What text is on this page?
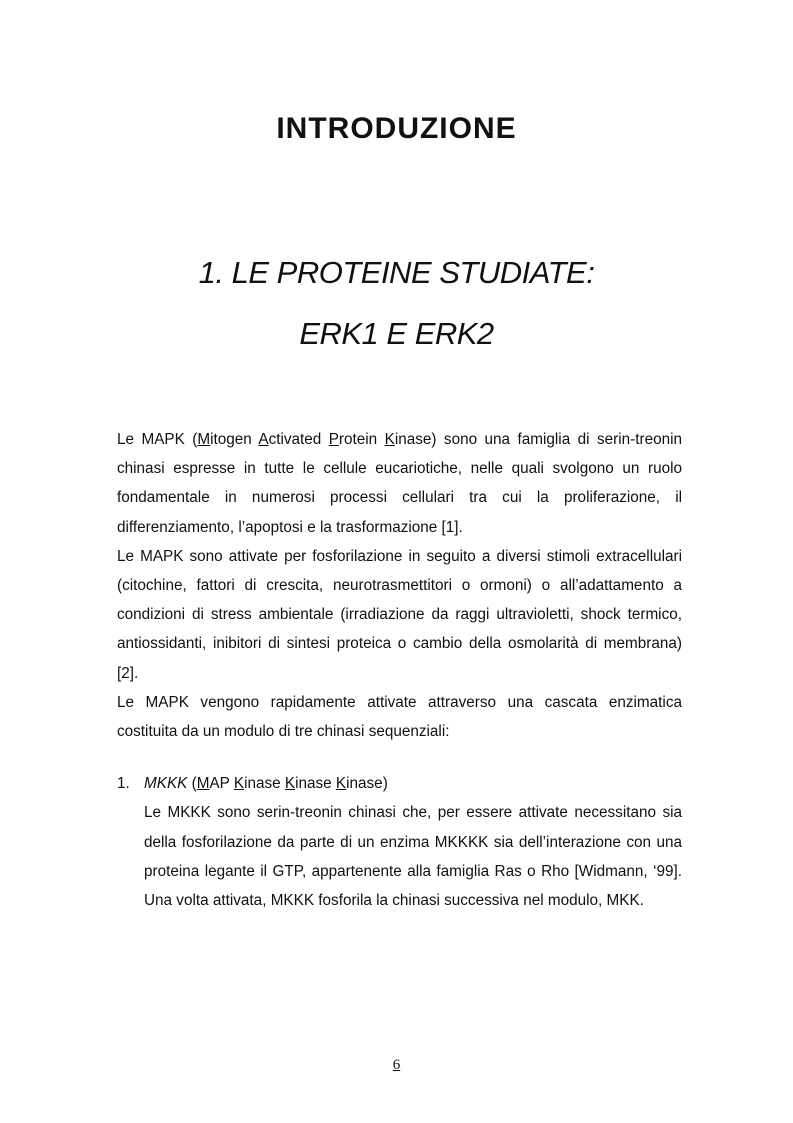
INTRODUZIONE
1. LE PROTEINE STUDIATE:
ERK1 E ERK2

Le MAPK (Mitogen Activated Protein Kinase) sono una famiglia di serin-treonin chinasi espresse in tutte le cellule eucariotiche, nelle quali svolgono un ruolo fondamentale in numerosi processi cellulari tra cui la proliferazione, il differenziamento, l’apoptosi e la trasformazione [1].

Le MAPK sono attivate per fosforilazione in seguito a diversi stimoli extracellulari (citochine, fattori di crescita, neurotrasmettitori o ormoni) o all’adattamento a condizioni di stress ambientale (irradiazione da raggi ultravioletti, shock termico, antiossidanti, inibitori di sintesi proteica o cambio della osmolarità di membrana) [2].

Le MAPK vengono rapidamente attivate attraverso una cascata enzimatica costituita da un modulo di tre chinasi sequenziali:

1. MKKK (MAP Kinase Kinase Kinase)

Le MKKK sono serin-treonin chinasi che, per essere attivate necessitano sia della fosforilazione da parte di un enzima MKKKK sia dell’interazione con una proteina legante il GTP, appartenente alla famiglia Ras o Rho [Widmann, ‘99]. Una volta attivata, MKKK fosforila la chinasi successiva nel modulo, MKK.

6
